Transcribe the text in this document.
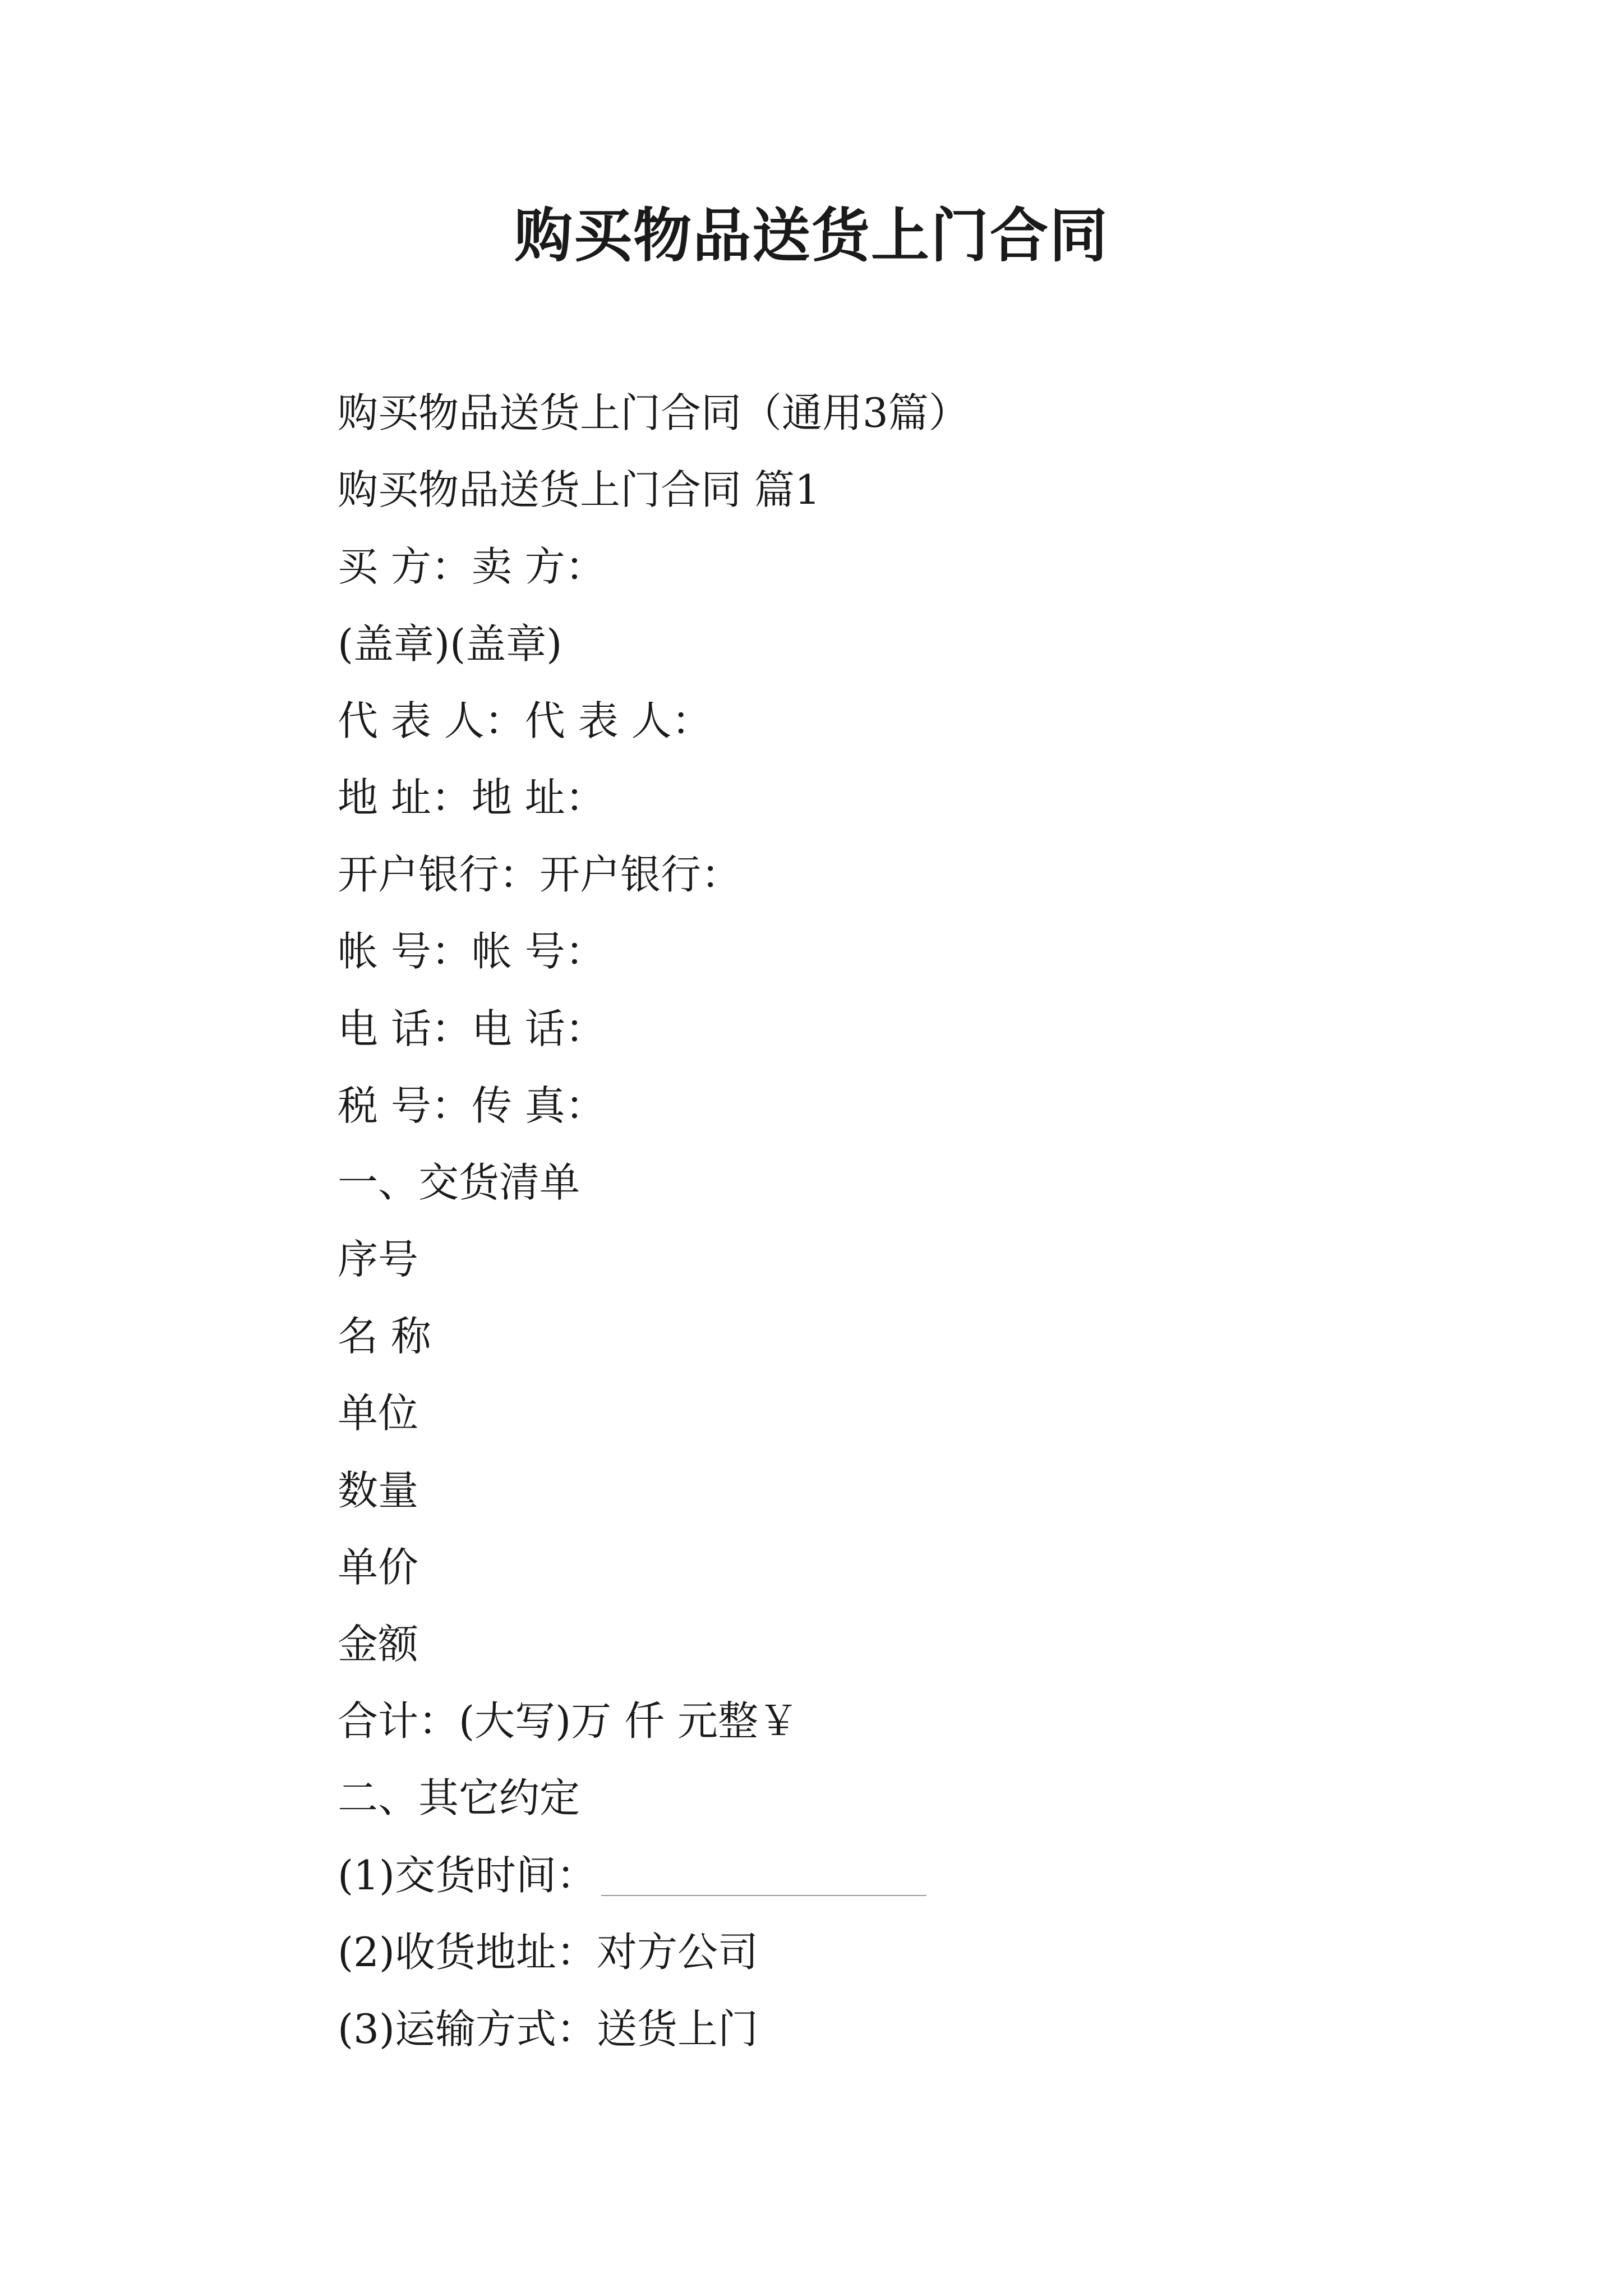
购买物品送货上门合同
购买物品送货上门合同（通用3篇）
购买物品送货上门合同 篇1
买 方：卖 方：
(盖章)(盖章)
代 表 人：代 表 人：
地 址：地 址：
开户银行：开户银行：
帐 号：帐 号：
电 话：电 话：
税 号：传 真：
一、交货清单
序号
名 称
单位
数量
单价
金额
合计：(大写)万 仟 元整￥
二、其它约定
(1)交货时间：
(2)收货地址：对方公司
(3)运输方式：送货上门
